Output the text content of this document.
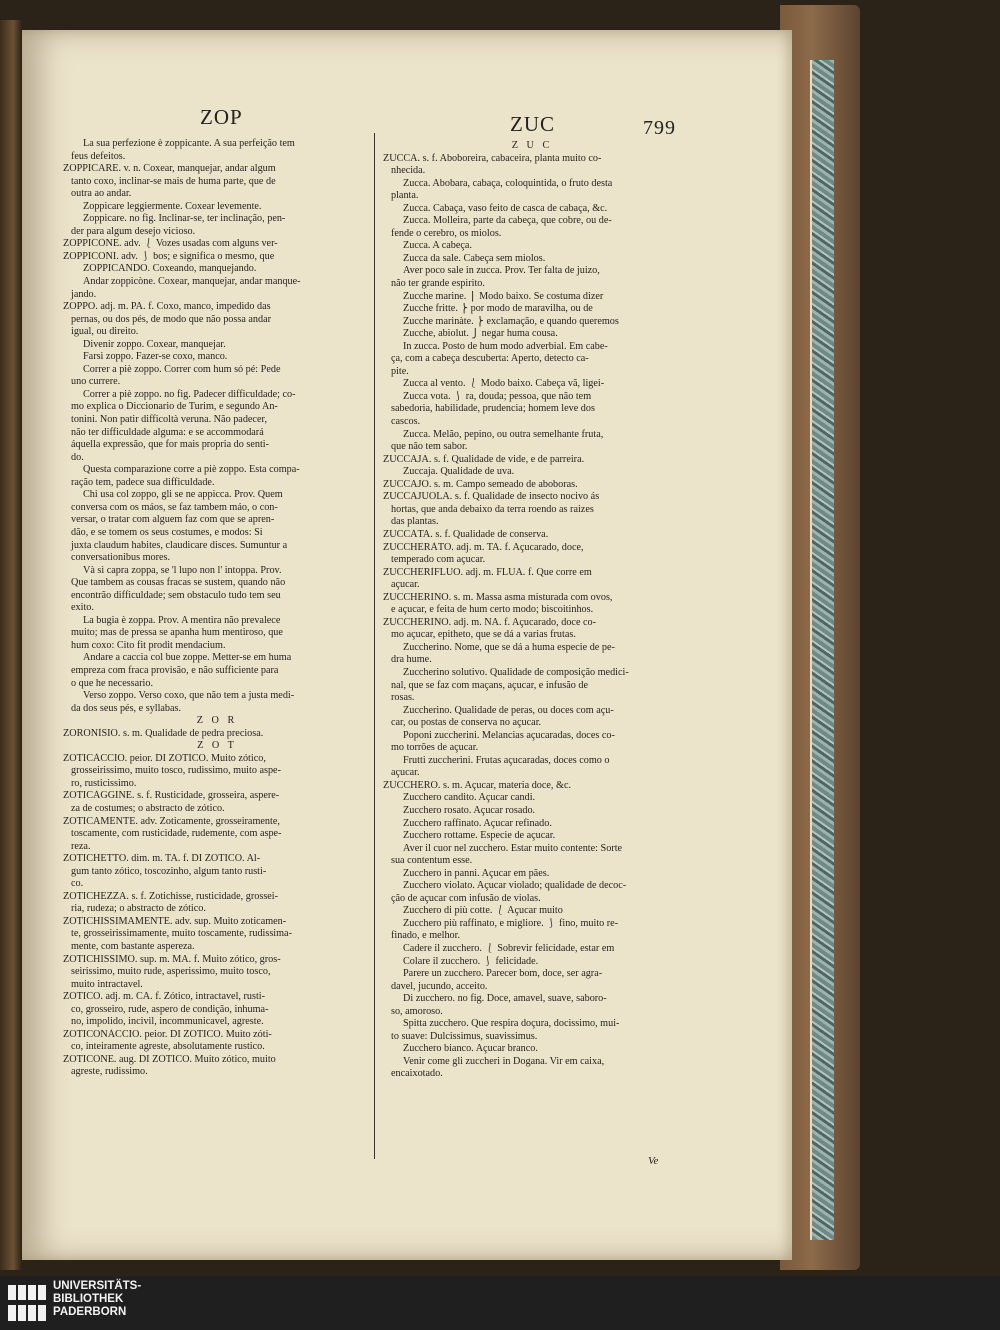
ZOP	ZUC	799
La sua perfezione è zoppicante. A sua perfeição tem
feus defeitos.
ZOPPICARE. v. n. Coxear, manquejar, andar algum
tanto coxo, inclinar-se mais de huma parte, que de
outra ao andar.
Zoppicare leggiermente. Coxear levemente.
Zoppicare. no fig. Inclinar-se, ter inclinação, pen-
der para algum desejo vicioso.
ZOPPICÒNE. adv. ⎱ Vozes usadas com alguns ver-
ZOPPICONI. adv. ⎰ bos; e significa o mesmo, que
ZOPPICANDO. Coxeando, manquejando.
Andar zoppicòne. Coxear, manquejar, andar manque-
jando.
ZOPPO. adj. m. PA. f. Coxo, manco, impedido das
pernas, ou dos pés, de modo que não possa andar
igual, ou direito.
Divenir zoppo. Coxear, manquejar.
Farsi zoppo. Fazer-se coxo, manco.
Correr a piè zoppo. Correr com hum só pé: Pede
uno currere.
Correr a piè zoppo. no fig. Padecer difficuldade; co-
mo explica o Diccionario de Turim, e segundo An-
tonini. Non patir difficoltà veruna. Não padecer,
não ter difficuldade alguma: e se accommodará
áquella expressão, que for mais propria do senti-
do.
Questa comparazione corre a piè zoppo. Esta compa-
ração tem, padece sua difficuldade.
Chi usa col zoppo, gli se ne appicca. Prov. Quem
conversa com os máos, se faz tambem máo, o con-
versar, o tratar com alguem faz com que se apren-
dão, e se tomem os seus costumes, e modos: Si
juxta claudum habites, claudicare disces. Sumuntur a
conversationibus mores.
Và sì capra zoppa, se 'l lupo non l' intoppa. Prov.
Que tambem as cousas fracas se sustem, quando não
encontrão difficuldade; sem obstaculo tudo tem seu
exito.
La bugia è zoppa. Prov. A mentira não prevalece
muito; mas de pressa se apanha hum mentiroso, que
hum coxo: Cito fit prodit mendacium.
Andare a caccia col bue zoppe. Metter-se em huma
empreza com fraca provisão, e não sufficiente para
o que he necessario.
Verso zoppo. Verso coxo, que não tem a justa medi-
da dos seus pés, e syllabas.
Z O R
ZORONÌSIO. s. m. Qualidade de pedra preciosa.
Z O T
ZOTICÀCCIO. peior. DI ZÒTICO. Muito zótico,
grosseirissimo, muito tosco, rudissimo, muito aspe-
ro, rusticissimo.
ZOTICÀGGINE. s. f. Rusticidade, grosseira, aspere-
za de costumes; o abstracto de zótico.
ZOTICAMENTE. adv. Zoticamente, grosseiramente,
toscamente, com rusticidade, rudemente, com aspe-
reza.
ZOTICHETTO. dim. m. TA. f. DI ZÒTICO. Al-
gum tanto zótico, toscozinho, algum tanto rusti-
co.
ZOTICHEZZA. s. f. Zotichisse, rusticidade, grossei-
ria, rudeza; o abstracto de zótico.
ZOTICHISSIMAMENTE. adv. sup. Muito zoticamen-
te, grosseirissimamente, muito toscamente, rudissima-
mente, com bastante aspereza.
ZOTICHISSIMO. sup. m. MA. f. Muito zótico, gros-
seirissimo, muito rude, asperissimo, muito tosco,
muito intractavel.
ZÒTICO. adj. m. CA. f. Zótico, intractavel, rusti-
co, grosseiro, rude, aspero de condição, inhuma-
no, impolido, incivil, incommunicavel, agreste.
ZOTICONÀCCIO. peior. DI ZÒTICO. Muito zóti-
co, inteiramente agreste, absolutamente rustico.
ZOTICÒNE. aug. DI ZÒTICO. Muito zótico, muito
agreste, rudissimo.
Z U C
ZUCCA. s. f. Aboboreira, cabaceira, planta muito co-
nhecida.
Zucca. Abobara, cabaça, coloquintida, o fruto desta
planta.
Zucca. Cabaça, vaso feito de casca de cabaça, &c.
Zucca. Molleira, parte da cabeça, que cobre, ou de-
fende o cerebro, os miolos.
Zucca. A cabeça.
Zucca da sale. Cabeça sem miolos.
Aver poco sale in zucca. Prov. Ter falta de juizo,
não ter grande espirito.
Zucche marine. ⎫ Modo baixo. Se costuma dizer
Zucche fritte. ⎬ por modo de maravilha, ou de
Zucche marinàte. ⎬ exclamação, e quando queremos
Zucche, abiolut. ⎭ negar huma cousa.
In zucca. Posto de hum modo adverbial. Em cabe-
ça, com a cabeça descuberta: Aperto, detecto ca-
pite.
Zucca al vento. ⎱ Modo baixo. Cabeça vã, ligei-
Zucca vota. ⎰ ra, douda; pessoa, que não tem
sabedoria, habilidade, prudencia; homem leve dos
cascos.
Zucca. Melão, pepino, ou outra semelhante fruta,
que não tem sabor.
ZUCCAJA. s. f. Qualidade de vide, e de parreira.
Zuccaja. Qualidade de uva.
ZUCCAJO. s. m. Campo semeado de aboboras.
ZUCCAJUÒLA. s. f. Qualidade de insecto nocivo ás
hortas, que anda debaixo da terra roendo as raizes
das plantas.
ZUCCÀTA. s. f. Qualidade de conserva.
ZUCCHERÀTO. adj. m. TA. f. Açucarado, doce,
temperado com açucar.
ZUCCHERÌFLUO. adj. m. FLUA. f. Que corre em
açucar.
ZUCCHERINO. s. m. Massa asma misturada com ovos,
e açucar, e feita de hum certo modo; biscoitinhos.
ZUCCHERINO. adj. m. NA. f. Açucarado, doce co-
mo açucar, epitheto, que se dá a varias frutas.
Zuccherino. Nome, que se dá a huma especie de pe-
dra hume.
Zuccherino solutivo. Qualidade de composição medici-
nal, que se faz com maçans, açucar, e infusão de
rosas.
Zuccherino. Qualidade de peras, ou doces com açu-
car, ou postas de conserva no açucar.
Poponi zuccherini. Melancias açucaradas, doces co-
mo torrões de açucar.
Frutti zuccherini. Frutas açucaradas, doces como o
açucar.
ZÙCCHERO. s. m. Açucar, materia doce, &c.
Zucchero candito. Açucar candi.
Zucchero rosato. Açucar rosado.
Zucchero raffinato. Açucar refinado.
Zucchero rottame. Especie de açucar.
Aver il cuor nel zucchero. Estar muito contente: Sorte
sua contentum esse.
Zucchero in panni. Açucar em pães.
Zucchero violato. Açucar violado; qualidade de decoc-
ção de açucar com infusão de violas.
Zucchero di più cotte. ⎱ Açucar muito
Zucchero più raffinato, e migliore. ⎰ fino, muito re-
finado, e melhor.
Cadere il zucchero. ⎱ Sobrevir felicidade, estar em
Colare il zucchero. ⎰ felicidade.
Parere un zucchero. Parecer bom, doce, ser agra-
davel, jucundo, acceito.
Di zucchero. no fig. Doce, amavel, suave, saboro-
so, amoroso.
Spitta zucchero. Que respira doçura, docissimo, mui-
to suave: Dulcissimus, suavissimus.
Zucchero bianco. Açucar branco.
Venir come gli zuccheri in Dogana. Vir em caixa,
encaixotado.
Ve
UNIVERSITÄTS-
BIBLIOTHEK
PADERBORN
